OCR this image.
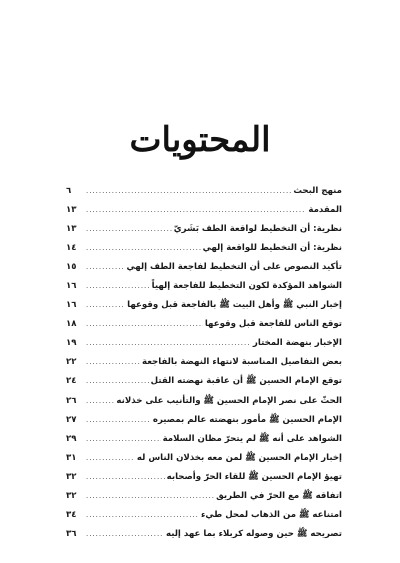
المحتويات
منهج البحث
.....
٦
المقدمة
.....
١٣
نظرية: أن التخطيط لواقعة الطف بَشَريّ
.....
١٣
نظرية: أن التخطيط للواقعة إلهي
.....
١٤
تأكيد النصوص على أن التخطيط لفاجعة الطف إلهي
.....
١٥
الشواهد المؤكدة لكون التخطيط للفاجعة إلهياً
.....
١٦
إخبار النبي ﷺ وأهل البيت ﷺ بالفاجعة قبل وقوعها
.....
١٦
توقع الناس للفاجعة قبل وقوعها
.....
١٨
الإخبار بنهضة المختار
.....
١٩
بعض التفاصيل المناسبة لانتهاء النهضة بالفاجعة
.....
٢٢
توقع الإمام الحسين ﷺ أن عاقبة نهضته القتل
.....
٢٤
الحثّ على نصر الإمام الحسين ﷺ والتأنيب على خذلانه
.....
٢٦
الإمام الحسين ﷺ مأمور بنهضته عالم بمصيره
.....
٢٧
الشواهد على أنه ﷺ لم يتحرّ مظان السلامة
.....
٢٩
إخبار الإمام الحسين ﷺ لمن معه بخذلان الناس له
.....
٣١
تهيؤ الإمام الحسين ﷺ للقاء الحرّ وأصحابه
.....
٣٢
اتفاقه ﷺ مع الحرّ في الطريق
.....
٣٢
امتناعه ﷺ من الذهاب لمحل طيء
.....
٣٤
تصريحه ﷺ حين وصوله كربلاء بما عهد إليه
.....
٣٦
